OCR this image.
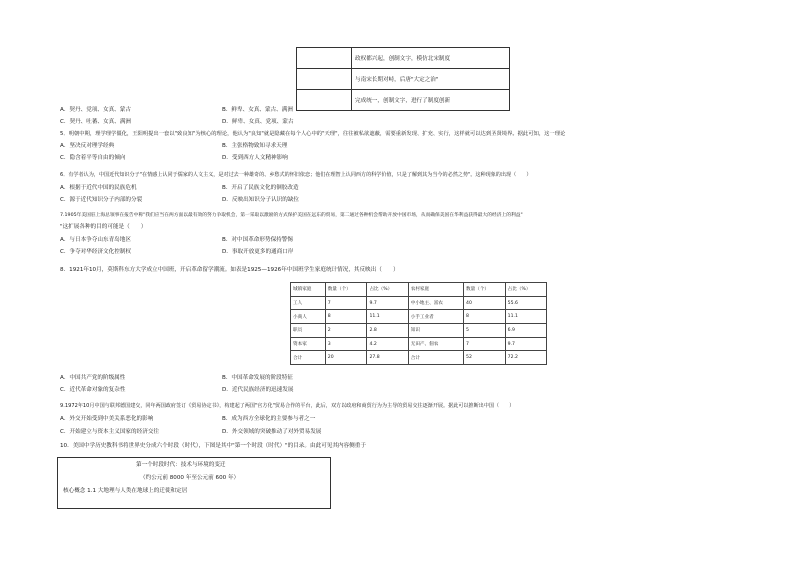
	政权都兴起，创制文字，模仿北宋制度
	与南宋长期对峙，后唐"大定之治"
	完成统一，创制文字，进行了制度创新
A．契丹、党项、女真、蒙古	B．鲜卑、女真、蒙古、满洲
C．契丹、吐蕃、女真、满洲	D．鲜卑、女真、党项、蒙古
5．明朝中期，理学理学僵化，王阳明提出一套以"致良知"为核心的理论，他认为"良知"就是隐藏在每个人心中的"天理"，往往被私欲遮蔽，需要重新发现、扩充、实行，这样就可以达到圣贤境界。据此可知，这一理论
A．坚决反对理学经典	B．主张格物致知寻求天理
C．隐含着平等自由的倾向	D．受到西方人文精神影响
6．有学者认为，中国近代知识分子"在情感上认同于儒家的人文主义，是对过去一种雄奇的、乡愁式的怀旧依恋；他们在理智上认同西方的科学价值，只是了解到其为当今的必然之势"。这种现象的出现（　　）
A．根据于近代中国的民族危机	B．开启了民族文化的徊胶改造
C．源于近代知识分子内部的分裂	D．反映出知识分子认识的缺位
7.1905年美国驻上海总领事在报告中称"我们应当在两方面以最有效的努力争取机会，第一采取以激励的方式保护美国在远东的贸易，第二通过各种机会帮助开放中国市场，从而确保美国在华利益获得最大的经济上的利益"
"这扩展各种的目的可能是（　　）
A．与日本争夺山东青岛地区	B．对中国革命形势保持警惕
C．争夺对华经济文化控制权	D．事取开放更多的通商口岸
8．1921年10月，莫斯科东方大学成立中国班，开启革命留学潮流。如表是1925—1926年中国班学生家庭统计情况，其反映出（　　）
城镇家庭	数量（个）	占比（%）	农村家庭	数量（个）	占比（%）
工人	7	9.7	中小地主、富农	40	55.6
小商人	8	11.1	小手工业者	8	11.1
职员	2	2.8	知识	5	6.9
资本家	3	4.2	无田产、佃农	7	9.7
合计	20	27.8	合计	52	72.2
A．中国共产党的阶级属性	B．中国革命发展的阶段特征
C．近代革命对象的复杂性	D．近代民族经济的迅速发展
9.1972年10月中国与联邦德国建交，同年两国政府签订《贸易协定书》，构建起了两国"官方化"贸易合作的平台，此后，双方以政府和商贸行为为主导的贸易交往逐渐开展。据此可以推断出中国（　　）
A．外交开始受到中美关系恶化的影响	B．成为西方全球化的主要参与者之一
C．开始建立与资本主义国家的经济交往	D．外交领域的突破推动了对外贸易发展
10．美国中学历史教科书将世界史分成六个时段（时代），下图是其中"第一个时段（时代）"的目录。由此可见其内容侧重于
第一个时段时代：技术与环境的变迁
（约公元前 8000 年至公元前 600 年）
核心概念 1.1 大地理与人类在地球上的迁徙和定居
